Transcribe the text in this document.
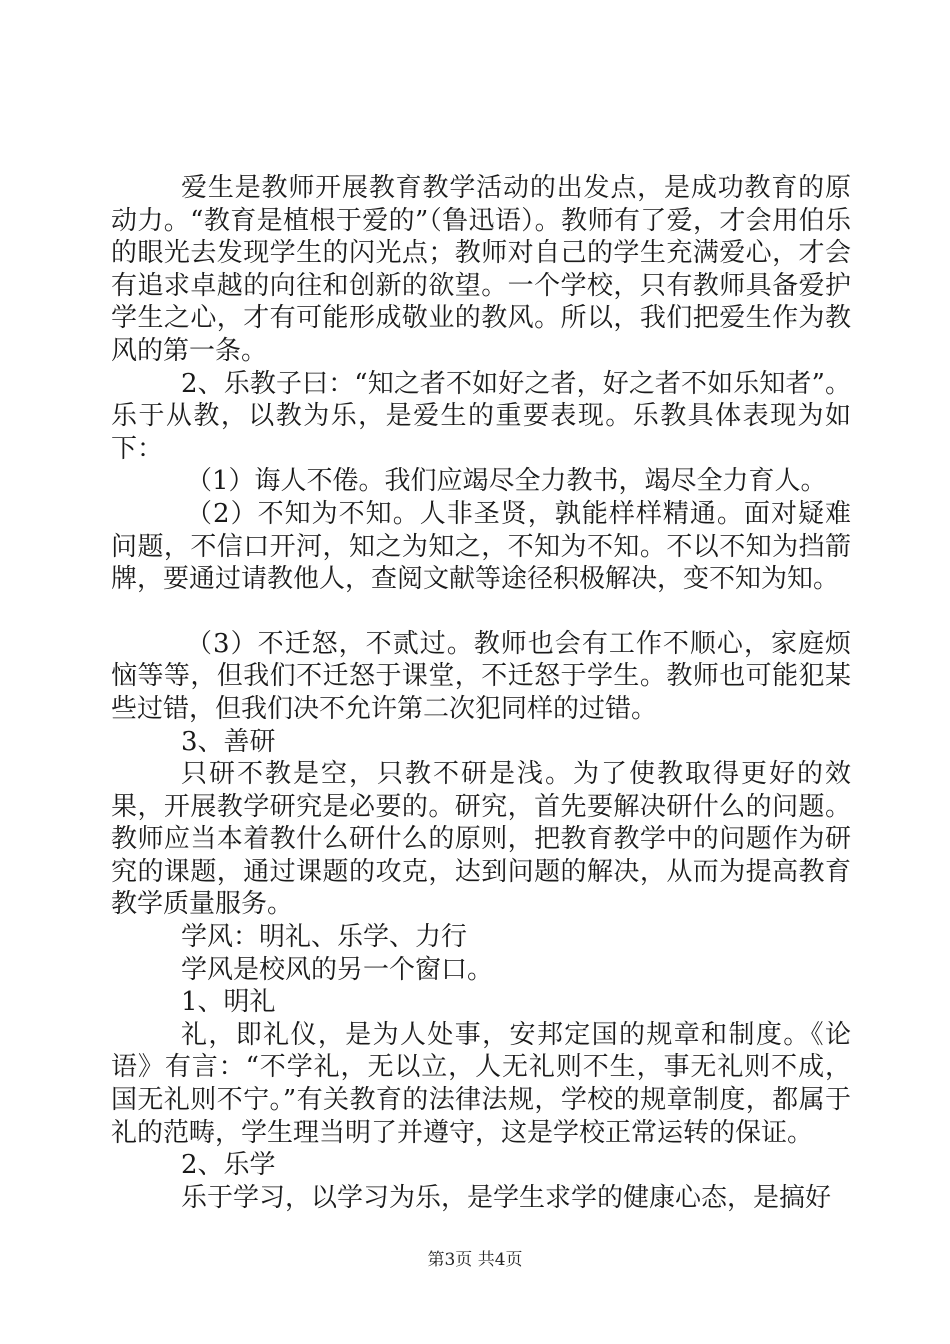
爱生是教师开展教育教学活动的出发点，是成功教育的原动力。“教育是植根于爱的”（鲁迅语）。教师有了爱，才会用伯乐的眼光去发现学生的闪光点；教师对自己的学生充满爱心，才会有追求卓越的向往和创新的欲望。一个学校，只有教师具备爱护学生之心，才有可能形成敬业的教风。所以，我们把爱生作为教风的第一条。

2、乐教子曰：“知之者不如好之者，好之者不如乐知者”。乐于从教，以教为乐，是爱生的重要表现。乐教具体表现为如下：

（1）诲人不倦。我们应竭尽全力教书，竭尽全力育人。

（2）不知为不知。人非圣贤，孰能样样精通。面对疑难问题，不信口开河，知之为知之，不知为不知。不以不知为挡箭牌，要通过请教他人，查阅文献等途径积极解决，变不知为知。

（3）不迁怒，不贰过。教师也会有工作不顺心，家庭烦恼等等，但我们不迁怒于课堂，不迁怒于学生。教师也可能犯某些过错，但我们决不允许第二次犯同样的过错。

3、善研

只研不教是空，只教不研是浅。为了使教取得更好的效果，开展教学研究是必要的。研究，首先要解决研什么的问题。教师应当本着教什么研什么的原则，把教育教学中的问题作为研究的课题，通过课题的攻克，达到问题的解决，从而为提高教育教学质量服务。

学风：明礼、乐学、力行

学风是校风的另一个窗口。

1、明礼

礼，即礼仪，是为人处事，安邦定国的规章和制度。《论语》有言：“不学礼，无以立，人无礼则不生，事无礼则不成，国无礼则不宁。”有关教育的法律法规，学校的规章制度，都属于礼的范畴，学生理当明了并遵守，这是学校正常运转的保证。

2、乐学

乐于学习，以学习为乐，是学生求学的健康心态，是搞好

第3页 共4页
